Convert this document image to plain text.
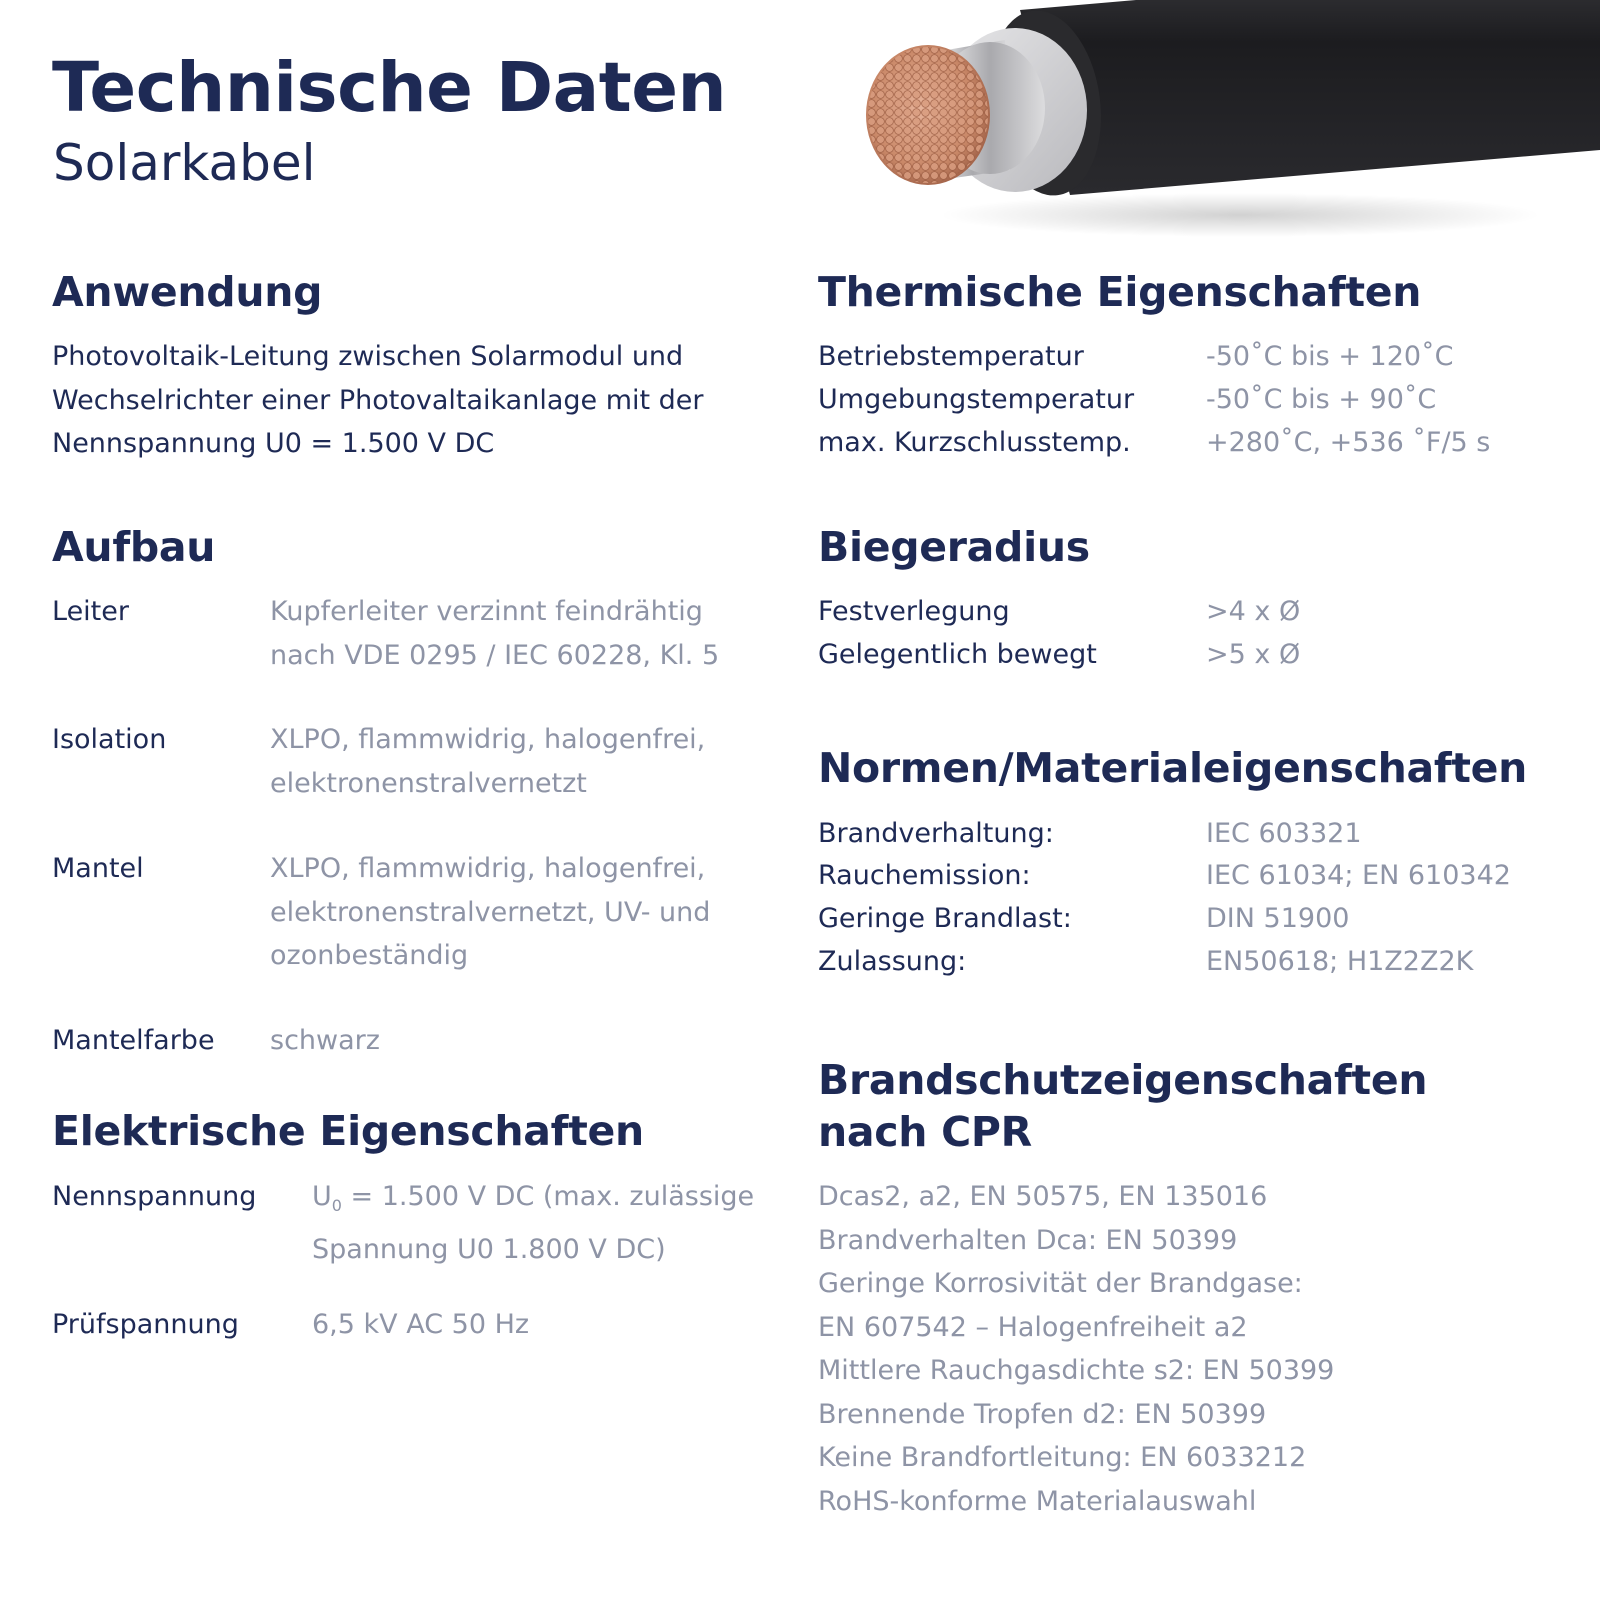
Technische Daten
Solarkabel
Anwendung
Photovoltaik-Leitung zwischen Solarmodul und
Wechselrichter einer Photovaltaikanlage mit der
Nennspannung U0 = 1.500 V DC
Aufbau
Leiter	Kupferleiter verzinnt feindrähtig
nach VDE 0295 / IEC 60228, Kl. 5
Isolation	XLPO, flammwidrig, halogenfrei,
elektronenstralvernetzt
Mantel	XLPO, flammwidrig, halogenfrei,
elektronenstralvernetzt, UV- und
ozonbeständig
Mantelfarbe schwarz
Elektrische Eigenschaften
Nennspannung $U_0 = 1.500$ V DC (max. zulässige
Spannung U0 1.800 V DC)
Prüfspannung	6,5 kV AC 50 Hz
Thermische Eigenschaften
Betriebstemperatur	-50˚C bis + 120˚C
Umgebungstemperatur	-50˚C bis + 90˚C
max. Kurzschlusstemp.	+280˚C, +536 ˚F/5 s
Biegeradius
Festverlegung	>4 x Ø
Gelegentlich bewegt	>5 x Ø
Normen/Materialeigenschaften
Brandverhaltung:	IEC 603321
Rauchemission:	IEC 61034; EN 610342
Geringe Brandlast:	DIN 51900
Zulassung:	EN50618; H1Z2Z2K
Brandschutzeigenschaften
nach CPR
Dcas2, a2, EN 50575, EN 135016
Brandverhalten Dca: EN 50399
Geringe Korrosivität der Brandgase:
EN 607542 – Halogenfreiheit a2
Mittlere Rauchgasdichte s2: EN 50399
Brennende Tropfen d2: EN 50399
Keine Brandfortleitung: EN 6033212
RoHS-konforme Materialauswahl
